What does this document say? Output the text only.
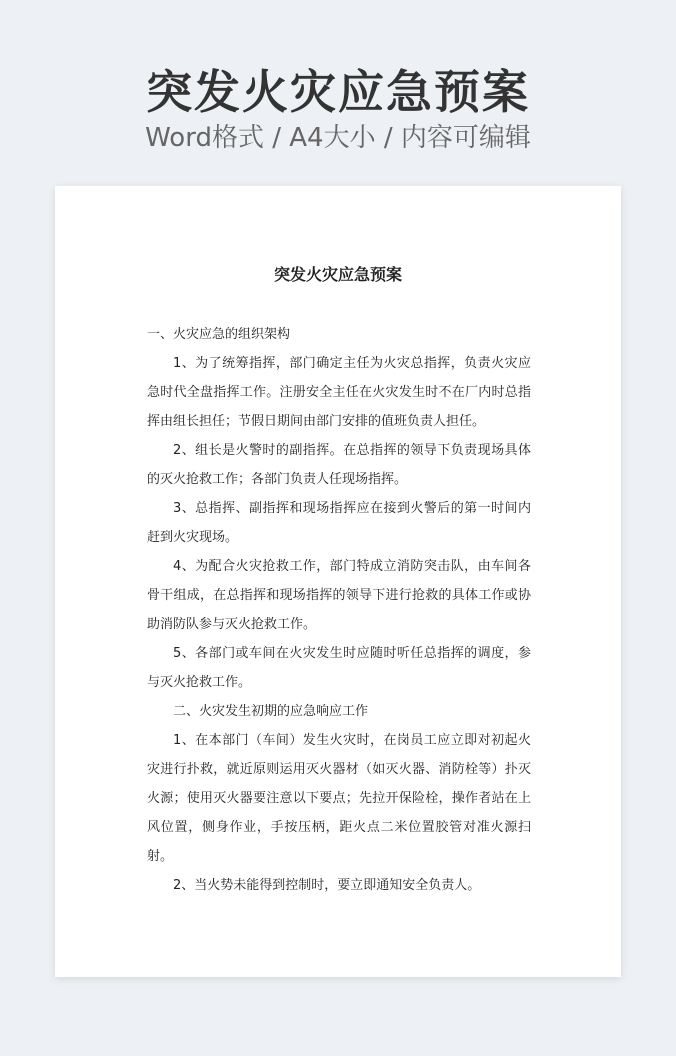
突发火灾应急预案
Word格式 / A4大小 / 内容可编辑
突发火灾应急预案

一、火灾应急的组织架构

1、为了统筹指挥，部门确定主任为火灾总指挥，负责火灾应急时代全盘指挥工作。注册安全主任在火灾发生时不在厂内时总指挥由组长担任；节假日期间由部门安排的值班负责人担任。

2、组长是火警时的副指挥。在总指挥的领导下负责现场具体的灭火抢救工作；各部门负责人任现场指挥。

3、总指挥、副指挥和现场指挥应在接到火警后的第一时间内赶到火灾现场。

4、为配合火灾抢救工作，部门特成立消防突击队，由车间各骨干组成，在总指挥和现场指挥的领导下进行抢救的具体工作或协助消防队参与灭火抢救工作。

5、各部门或车间在火灾发生时应随时听任总指挥的调度，参与灭火抢救工作。

二、火灾发生初期的应急响应工作

1、在本部门（车间）发生火灾时，在岗员工应立即对初起火灾进行扑救，就近原则运用灭火器材（如灭火器、消防栓等）扑灭火源；使用灭火器要注意以下要点；先拉开保险栓，操作者站在上风位置，侧身作业，手按压柄，距火点二米位置胶管对准火源扫射。

2、当火势未能得到控制时，要立即通知安全负责人。
